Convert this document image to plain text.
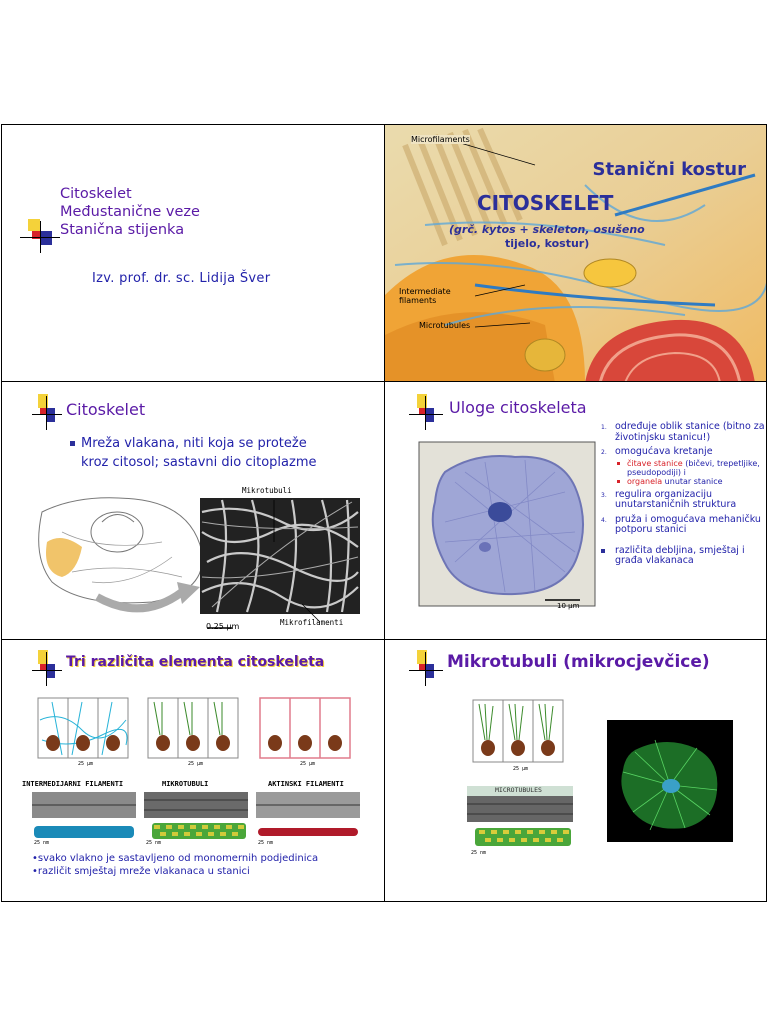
Citoskelet
Međustanične veze
Stanična stijenka
Izv. prof. dr. sc. Lidija Šver
Microfilaments
Stanični kostur
CITOSKELET
(grč. kytos + skeleton, osušeno
tijelo, kostur)
Intermediate
filaments
Microtubules
Citoskelet
Mreža vlakana, niti koja se proteže
kroz citosol; sastavni dio citoplazme
Mikrotubuli
Mikrofilamenti
0.25 μm
Uloge citoskeleta
10 μm
1. određuje oblik stanice (bitno za životinjsku stanicu!)
2. omogućava kretanje
čitave stanice (bičevi, trepetljike, pseudopodiji) i
organela unutar stanice
3. regulira organizaciju unutarstaničnih struktura
4. pruža i omogućava mehaničku potporu stanici
različita debljina, smještaj i građa vlakanaca
Tri različita elementa citoskeleta
25 μm	25 μm	25 μm
INTERMEDIJARNI FILAMENTI	MIKROTUBULI	AKTINSKI FILAMENTI
25 nm	25 nm	25 nm
•svako vlakno je sastavljeno od monomernih podjedinica
•različit smještaj mreže vlakanaca u stanici
Mikrotubuli (mikrocjevčice)
MICROTUBULES
25 μm
25 nm
